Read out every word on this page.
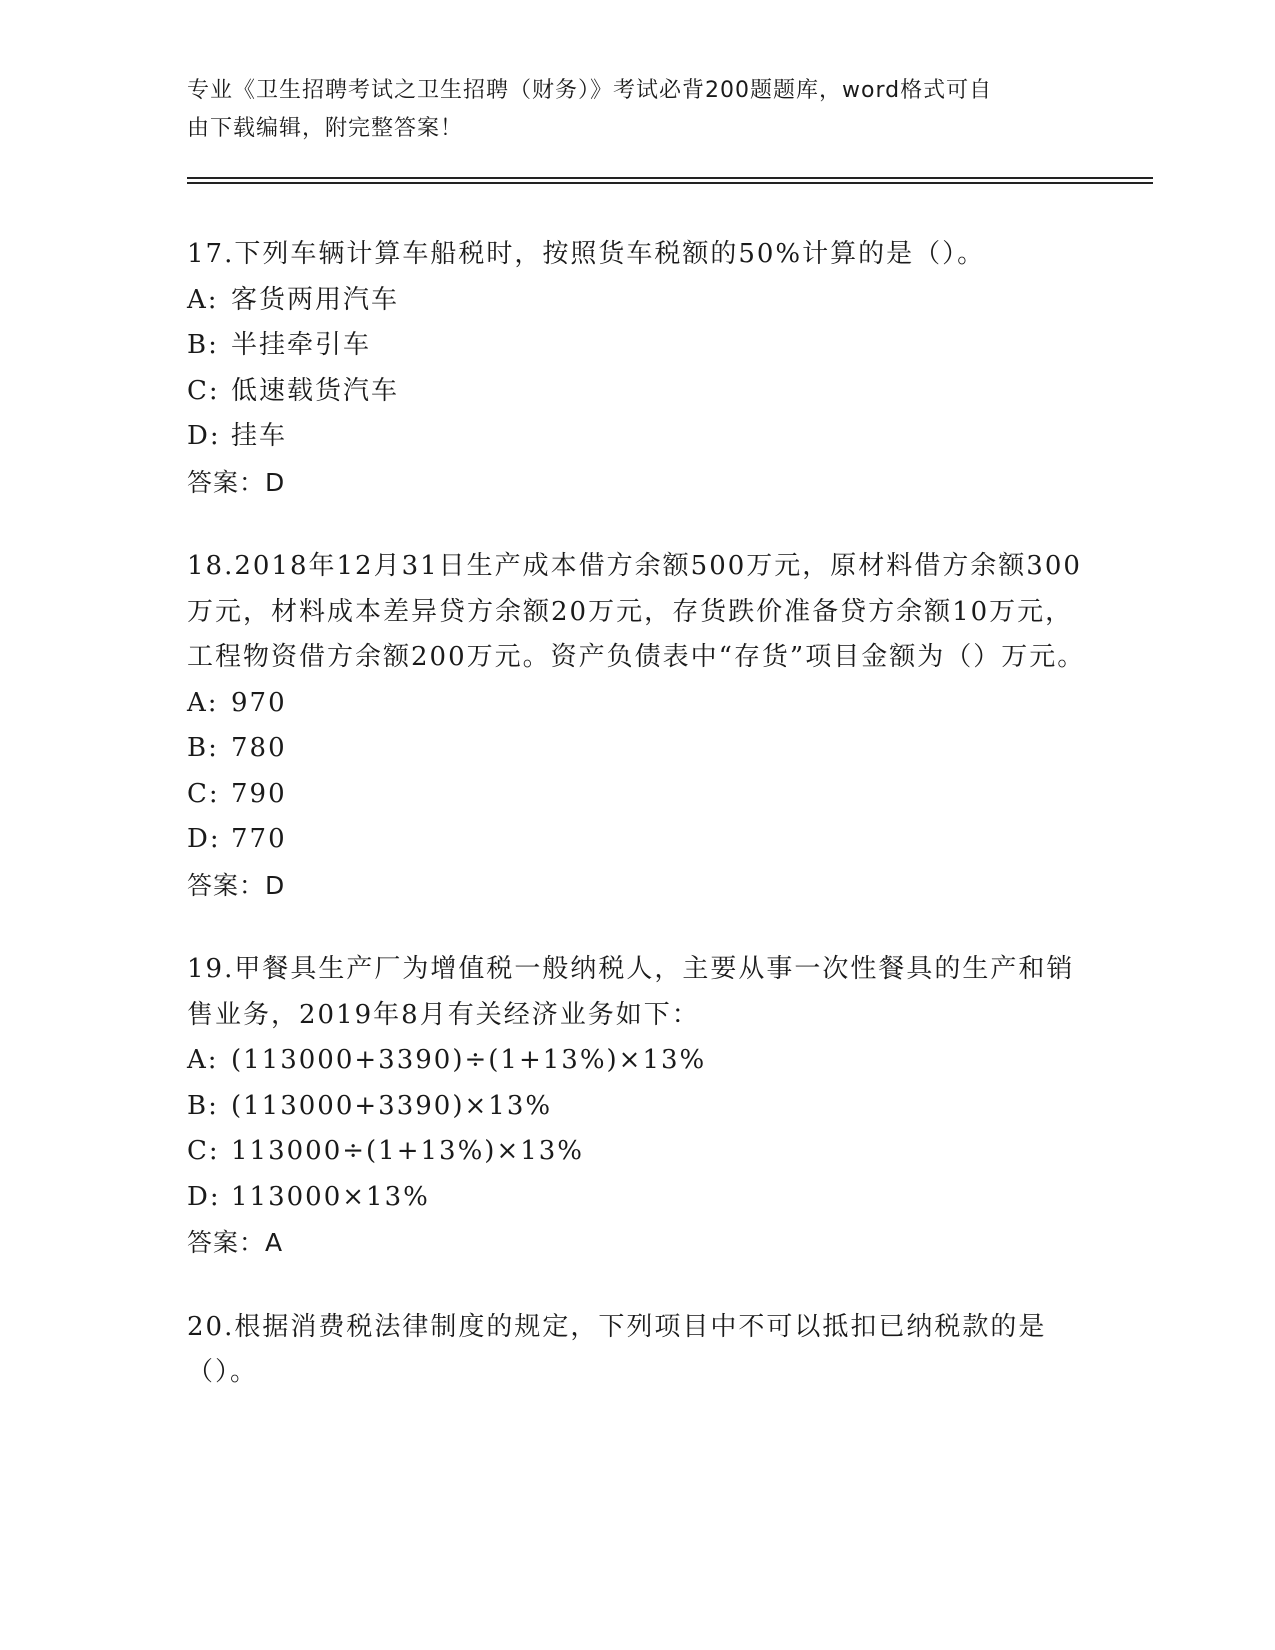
专业《卫生招聘考试之卫生招聘（财务）》考试必背200题题库，word格式可自
由下载编辑，附完整答案！

17.下列车辆计算车船税时，按照货车税额的50%计算的是（）。

A: 客货两用汽车

B: 半挂牵引车

C: 低速载货汽车

D: 挂车

答案：D

18.2018年12月31日生产成本借方余额500万元，原材料借方余额300万元，材料成本差异贷方余额20万元，存货跌价准备贷方余额10万元，工程物资借方余额200万元。资产负债表中“存货”项目金额为（）万元。

A: 970

B: 780

C: 790

D: 770

答案：D

19.甲餐具生产厂为增值税一般纳税人，主要从事一次性餐具的生产和销售业务，2019年8月有关经济业务如下：

A: (113000+3390)÷(1+13%)×13%

B: (113000+3390)×13%

C: 113000÷(1+13%)×13%

D: 113000×13%

答案：A

20.根据消费税法律制度的规定，下列项目中不可以抵扣已纳税款的是（）。
